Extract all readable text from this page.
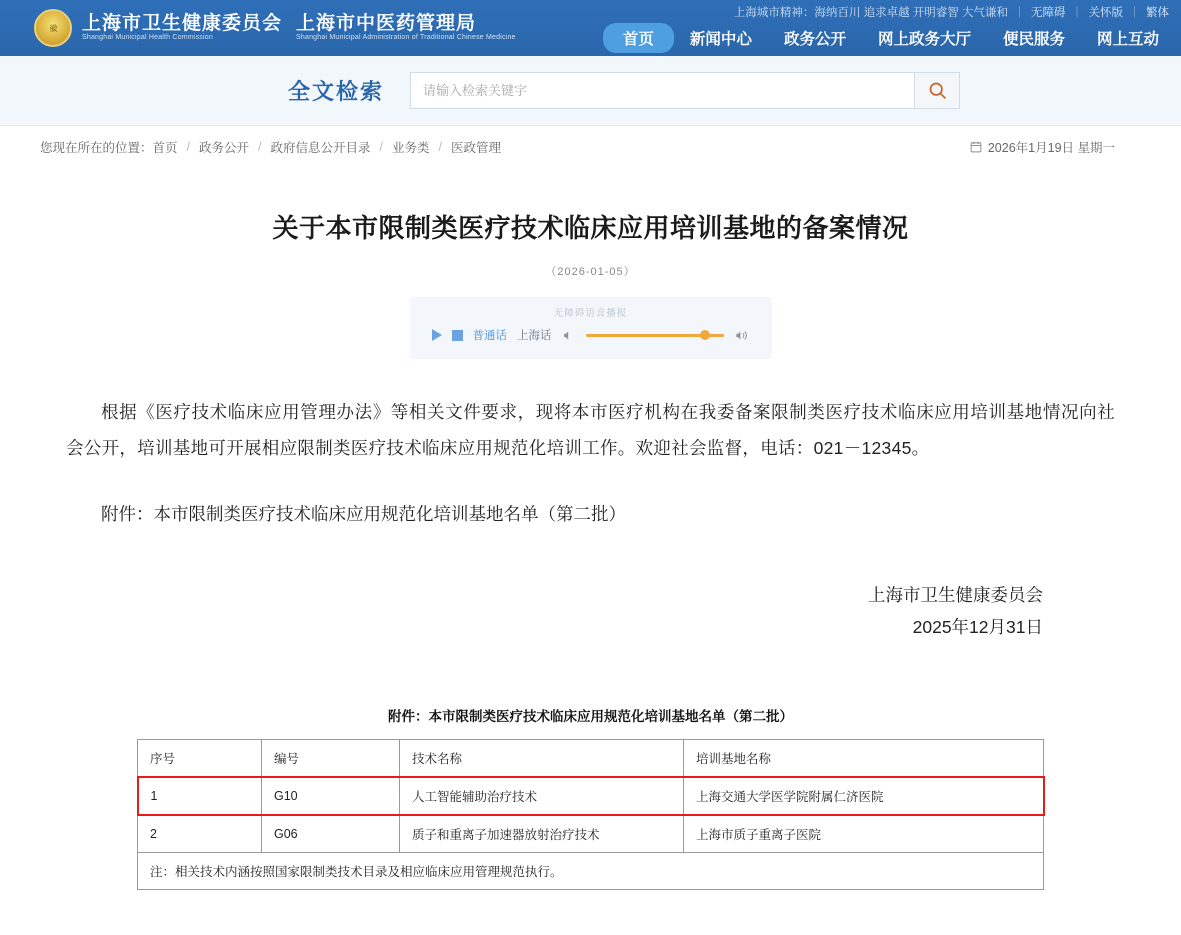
徽	上海市卫生健康委员会
Shanghai Municipal Health Commission
上海市中医药管理局
Shanghai Municipal Administration of Traditional Chinese Medicine
上海城市精神： 海纳百川 追求卓越 开明睿智 大气谦和 | 无障碍 | 关怀版 | 繁体
首页	新闻中心	政务公开	网上政务大厅	便民服务	网上互动
全文检索
请输入检索关键字
您现在所在的位置： 首页 / 政务公开 / 政府信息公开目录 / 业务类 / 医政管理	2026年1月19日 星期一
关于本市限制类医疗技术临床应用培训基地的备案情况
（2026-01-05）
无障碍语音播报
普通话 上海话
根据《医疗技术临床应用管理办法》等相关文件要求，现将本市医疗机构在我委备案限制类医疗技术临床应用培训基地情况向社会公开，培训基地可开展相应限制类医疗技术临床应用规范化培训工作。欢迎社会监督，电话：021－12345。
附件：本市限制类医疗技术临床应用规范化培训基地名单（第二批）
上海市卫生健康委员会
2025年12月31日
附件：本市限制类医疗技术临床应用规范化培训基地名单（第二批）
序号	编号	技术名称	培训基地名称
1	G10	人工智能辅助治疗技术	上海交通大学医学院附属仁济医院
2	G06	质子和重离子加速器放射治疗技术	上海市质子重离子医院
注：相关技术内涵按照国家限制类技术目录及相应临床应用管理规范执行。			
